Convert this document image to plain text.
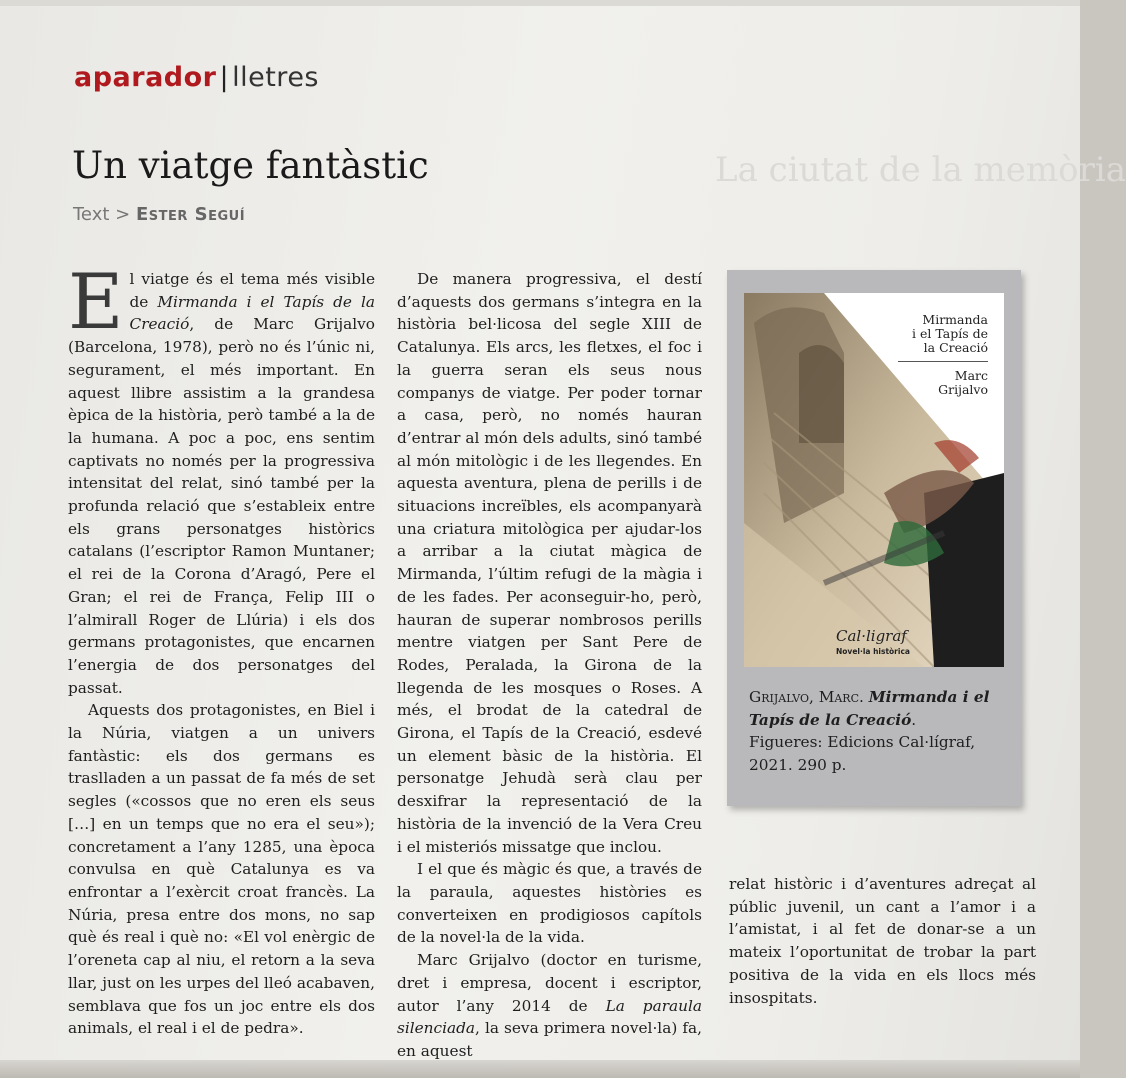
aparador | lletres
Un viatge fantàstic	La ciutat de la memòria
Text > Ester Seguí

El viatge és el tema més visible de Mirmanda i el Tapís de la Creació, de Marc Grijalvo (Barcelona, 1978), però no és l’únic ni, segurament, el més important. En aquest llibre assistim a la grandesa èpica de la història, però també a la de la humana. A poc a poc, ens sentim captivats no només per la progressiva intensitat del relat, sinó també per la profunda relació que s’estableix entre els grans personatges històrics catalans (l’escriptor Ramon Muntaner; el rei de la Corona d’Aragó, Pere el Gran; el rei de França, Felip III o l’almirall Roger de Llúria) i els dos germans protagonistes, que encarnen l’energia de dos personatges del passat.

Aquests dos protagonistes, en Biel i la Núria, viatgen a un univers fantàstic: els dos germans es traslladen a un passat de fa més de set segles («cossos que no eren els seus […] en un temps que no era el seu»); concretament a l’any 1285, una època convulsa en què Catalunya es va enfrontar a l’exèrcit croat francès. La Núria, presa entre dos mons, no sap què és real i què no: «El vol enèrgic de l’oreneta cap al niu, el retorn a la seva llar, just on les urpes del lleó acabaven, semblava que fos un joc entre els dos animals, el real i el de pedra».

De manera progressiva, el destí d’aquests dos germans s’integra en la història bel·licosa del segle XIII de Catalunya. Els arcs, les fletxes, el foc i la guerra seran els seus nous companys de viatge. Per poder tornar a casa, però, no només hauran d’entrar al món dels adults, sinó també al món mitològic i de les llegendes. En aquesta aventura, plena de perills i de situacions increïbles, els acompanyarà una criatura mitològica per ajudar-los a arribar a la ciutat màgica de Mirmanda, l’últim refugi de la màgia i de les fades. Per aconseguir-ho, però, hauran de superar nombrosos perills mentre viatgen per Sant Pere de Rodes, Peralada, la Girona de la llegenda de les mosques o Roses. A més, el brodat de la catedral de Girona, el Tapís de la Creació, esdevé un element bàsic de la història. El personatge Jehudà serà clau per desxifrar la representació de la història de la invenció de la Vera Creu i el misteriós missatge que inclou.

I el que és màgic és que, a través de la paraula, aquestes històries es converteixen en prodigiosos capítols de la novel·la de la vida.

Marc Grijalvo (doctor en turisme, dret i empresa, docent i escriptor, autor l’any 2014 de La paraula silenciada, la seva primera novel·la) fa, en aquest

relat històric i d’aventures adreçat al públic juvenil, un cant a l’amor i a l’amistat, i al fet de donar-se a un mateix l’oportunitat de trobar la part positiva de la vida en els llocs més insospitats.

Mirmanda
i el Tapís de
la Creació
Marc
Grijalvo
Cal·ligraf
Novel·la històrica
Grijalvo, Marc. Mirmanda i el Tapís de la Creació.
Figueres: Edicions Cal·lígraf, 2021. 290 p.
